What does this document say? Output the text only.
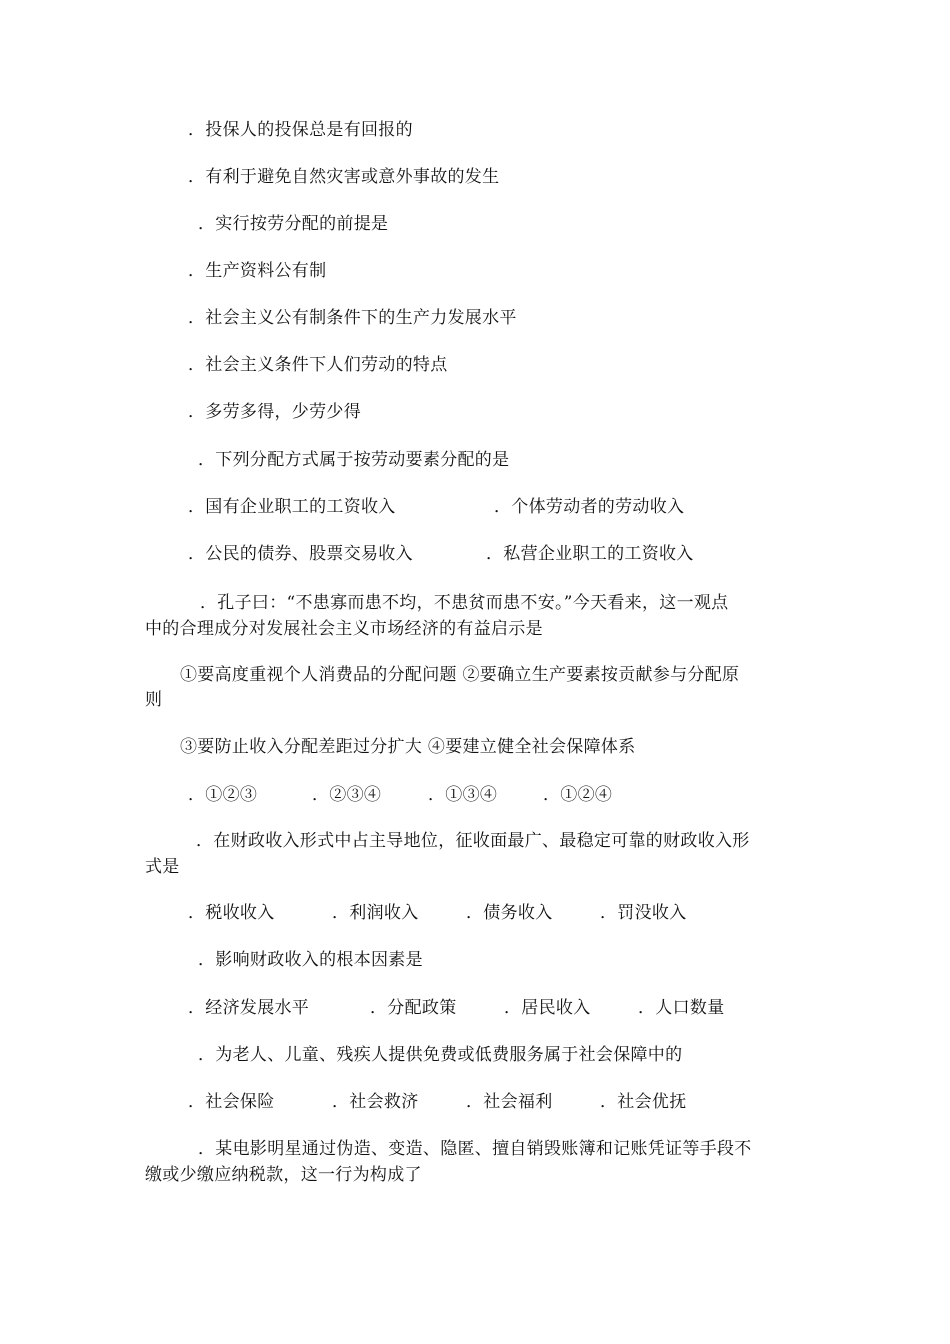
．投保人的投保总是有回报的
．有利于避免自然灾害或意外事故的发生
．实行按劳分配的前提是
．生产资料公有制
．社会主义公有制条件下的生产力发展水平
．社会主义条件下人们劳动的特点
．多劳多得，少劳少得
．下列分配方式属于按劳动要素分配的是
．国有企业职工的工资收入	．个体劳动者的劳动收入
．公民的债券、股票交易收入	．私营企业职工的工资收入
．孔子曰：“不患寡而患不均，不患贫而患不安。”今天看来，这一观点
中的合理成分对发展社会主义市场经济的有益启示是
①要高度重视个人消费品的分配问题 ②要确立生产要素按贡献参与分配原
则
③要防止收入分配差距过分扩大 ④要建立健全社会保障体系
．①②③	．②③④	．①③④	．①②④
．在财政收入形式中占主导地位，征收面最广、最稳定可靠的财政收入形
式是
．税收收入	．利润收入	．债务收入	．罚没收入
．影响财政收入的根本因素是
．经济发展水平	．分配政策	．居民收入	．人口数量
．为老人、儿童、残疾人提供免费或低费服务属于社会保障中的
．社会保险	．社会救济	．社会福利	．社会优抚
．某电影明星通过伪造、变造、隐匿、擅自销毁账簿和记账凭证等手段不
缴或少缴应纳税款，这一行为构成了
